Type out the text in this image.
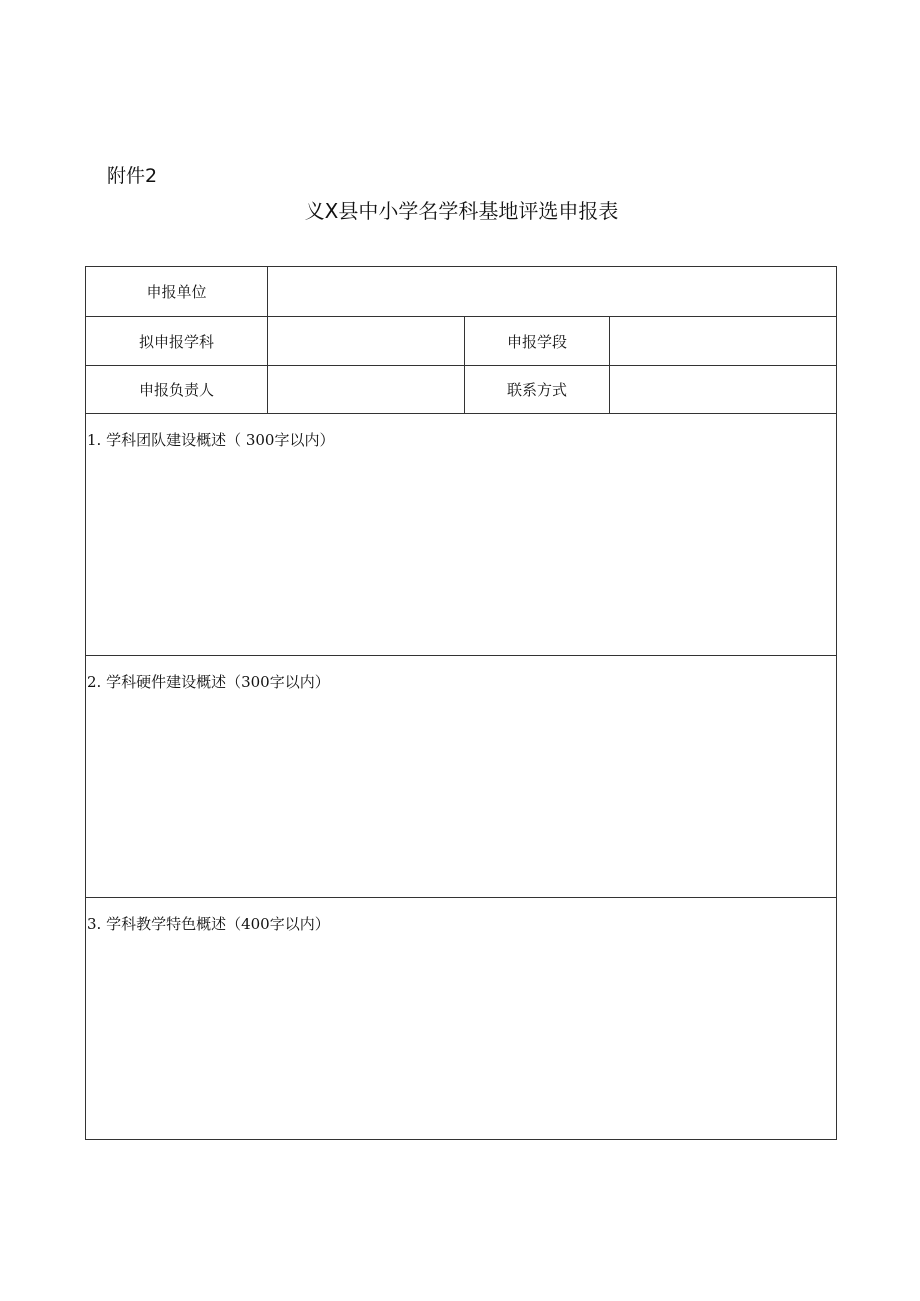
附件2
义X县中小学名学科基地评选申报表
申报单位			
拟申报学科		申报学段	
申报负责人		联系方式	

1. 学科团队建设概述（ 300字以内）			

2. 学科硬件建设概述（300字以内）			

3. 学科教学特色概述（400字以内）			
